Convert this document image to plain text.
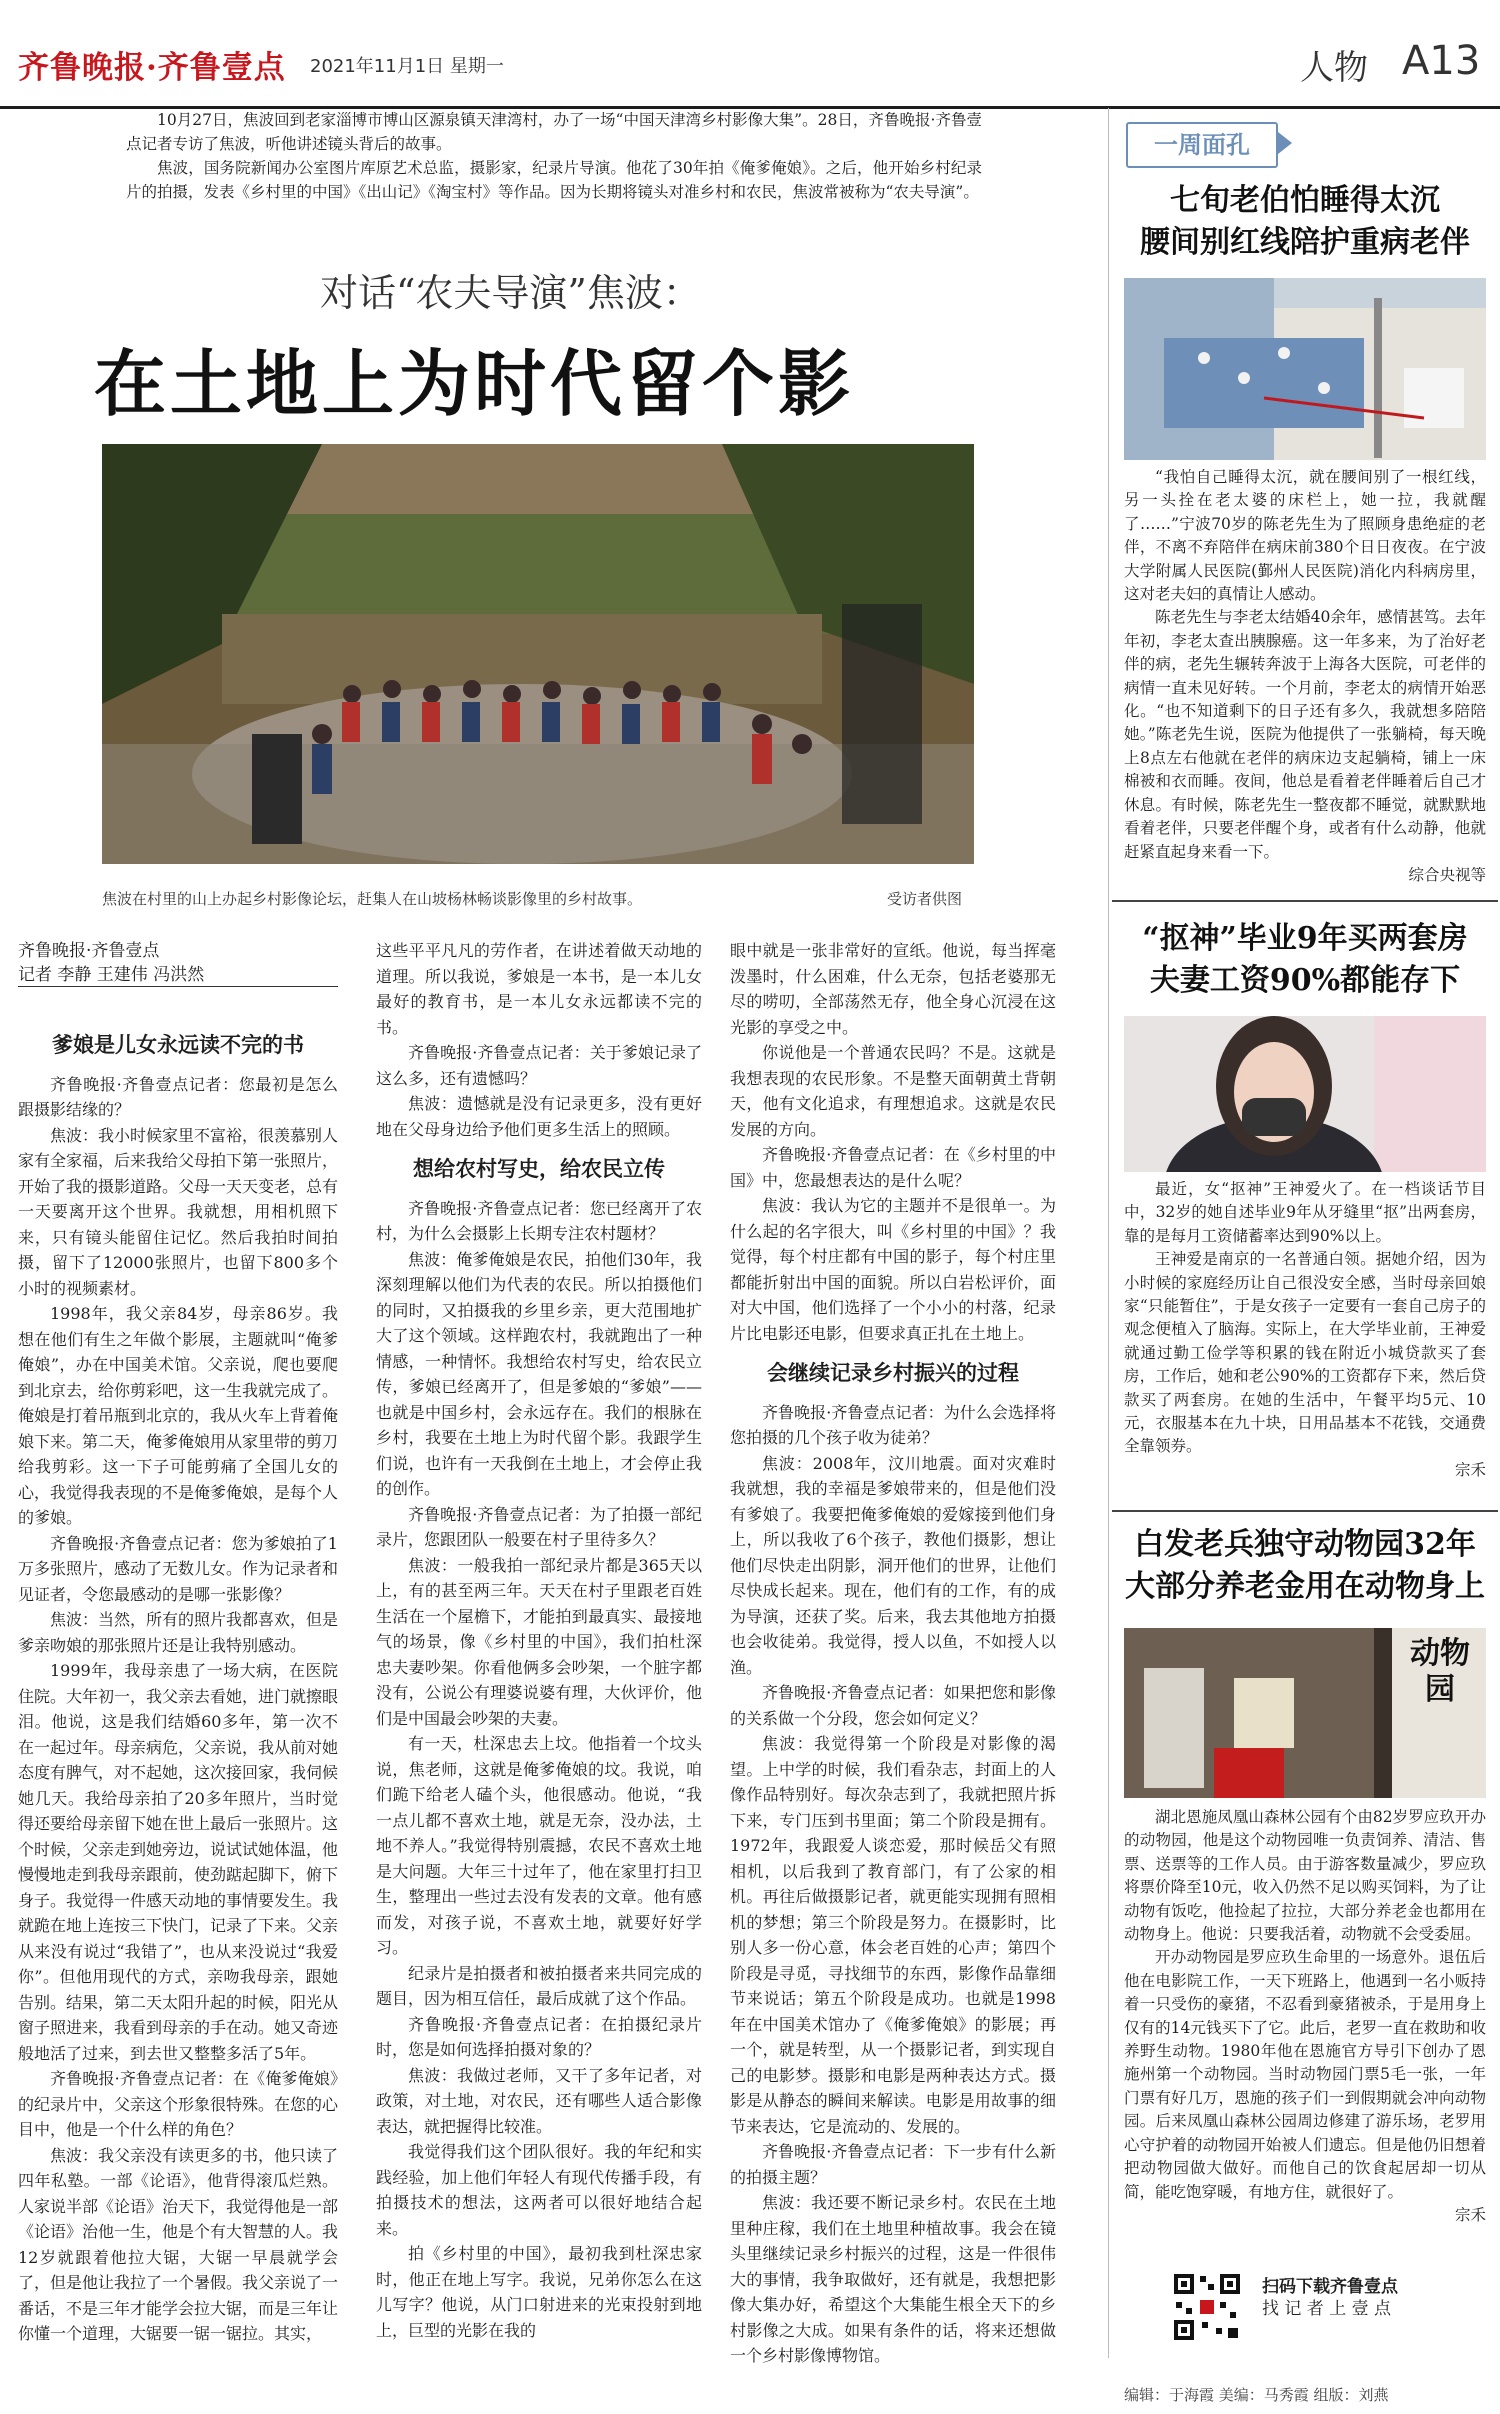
齐鲁晚报·齐鲁壹点 2021年11月1日 星期一	人物 A13

10月27日，焦波回到老家淄博市博山区源泉镇天津湾村，办了一场“中国天津湾乡村影像大集”。28日，齐鲁晚报·齐鲁壹点记者专访了焦波，听他讲述镜头背后的故事。

焦波，国务院新闻办公室图片库原艺术总监，摄影家，纪录片导演。他花了30年拍《俺爹俺娘》。之后，他开始乡村纪录片的拍摄，发表《乡村里的中国》《出山记》《淘宝村》等作品。因为长期将镜头对准乡村和农民，焦波常被称为“农夫导演”。

对话“农夫导演”焦波：
在土地上为时代留个影
焦波在村里的山上办起乡村影像论坛，赶集人在山坡杨林畅谈影像里的乡村故事。	受访者供图
齐鲁晚报·齐鲁壹点
记者 李静 王建伟 冯洪然
爹娘是儿女永远读不完的书

齐鲁晚报·齐鲁壹点记者：您最初是怎么跟摄影结缘的？

焦波：我小时候家里不富裕，很羡慕别人家有全家福，后来我给父母拍下第一张照片，开始了我的摄影道路。父母一天天变老，总有一天要离开这个世界。我就想，用相机照下来，只有镜头能留住记忆。然后我拍时间拍摄，留下了12000张照片，也留下800多个小时的视频素材。

1998年，我父亲84岁，母亲86岁。我想在他们有生之年做个影展，主题就叫“俺爹俺娘”，办在中国美术馆。父亲说，爬也要爬到北京去，给你剪彩吧，这一生我就完成了。俺娘是打着吊瓶到北京的，我从火车上背着俺娘下来。第二天，俺爹俺娘用从家里带的剪刀给我剪彩。这一下子可能剪痛了全国儿女的心，我觉得我表现的不是俺爹俺娘，是每个人的爹娘。

齐鲁晚报·齐鲁壹点记者：您为爹娘拍了1万多张照片，感动了无数儿女。作为记录者和见证者，令您最感动的是哪一张影像？

焦波：当然，所有的照片我都喜欢，但是爹亲吻娘的那张照片还是让我特别感动。

1999年，我母亲患了一场大病，在医院住院。大年初一，我父亲去看她，进门就擦眼泪。他说，这是我们结婚60多年，第一次不在一起过年。母亲病危，父亲说，我从前对她态度有脾气，对不起她，这次接回家，我伺候她几天。我给母亲拍了20多年照片，当时觉得还要给母亲留下她在世上最后一张照片。这个时候，父亲走到她旁边，说试试她体温，他慢慢地走到我母亲跟前，使劲踮起脚下，俯下身子。我觉得一件感天动地的事情要发生。我就跪在地上连按三下快门，记录了下来。父亲从来没有说过“我错了”，也从来没说过“我爱你”。但他用现代的方式，亲吻我母亲，跟她告别。结果，第二天太阳升起的时候，阳光从窗子照进来，我看到母亲的手在动。她又奇迹般地活了过来，到去世又整整多活了5年。

齐鲁晚报·齐鲁壹点记者：在《俺爹俺娘》的纪录片中，父亲这个形象很特殊。在您的心目中，他是一个什么样的角色？

焦波：我父亲没有读更多的书，他只读了四年私塾。一部《论语》，他背得滚瓜烂熟。人家说半部《论语》治天下，我觉得他是一部《论语》治他一生，他是个有大智慧的人。我12岁就跟着他拉大锯，大锯一早晨就学会了，但是他让我拉了一个暑假。我父亲说了一番话，不是三年才能学会拉大锯，而是三年让你懂一个道理，大锯要一锯一锯拉。其实，

这些平平凡凡的劳作者，在讲述着做天动地的道理。所以我说，爹娘是一本书，是一本儿女最好的教育书，是一本儿女永远都读不完的书。

齐鲁晚报·齐鲁壹点记者：关于爹娘记录了这么多，还有遗憾吗？

焦波：遗憾就是没有记录更多，没有更好地在父母身边给予他们更多生活上的照顾。

想给农村写史，给农民立传

齐鲁晚报·齐鲁壹点记者：您已经离开了农村，为什么会摄影上长期专注农村题材？

焦波：俺爹俺娘是农民，拍他们30年，我深刻理解以他们为代表的农民。所以拍摄他们的同时，又拍摄我的乡里乡亲，更大范围地扩大了这个领域。这样跑农村，我就跑出了一种情感，一种情怀。我想给农村写史，给农民立传，爹娘已经离开了，但是爹娘的“爹娘”——也就是中国乡村，会永远存在。我们的根脉在乡村，我要在土地上为时代留个影。我跟学生们说，也许有一天我倒在土地上，才会停止我的创作。

齐鲁晚报·齐鲁壹点记者：为了拍摄一部纪录片，您跟团队一般要在村子里待多久？

焦波：一般我拍一部纪录片都是365天以上，有的甚至两三年。天天在村子里跟老百姓生活在一个屋檐下，才能拍到最真实、最接地气的场景，像《乡村里的中国》，我们拍杜深忠夫妻吵架。你看他俩多会吵架，一个脏字都没有，公说公有理婆说婆有理，大伙评价，他们是中国最会吵架的夫妻。

有一天，杜深忠去上坟。他指着一个坟头说，焦老师，这就是俺爹俺娘的坟。我说，咱们跪下给老人磕个头，他很感动。他说，“我一点儿都不喜欢土地，就是无奈，没办法，土地不养人。”我觉得特别震撼，农民不喜欢土地是大问题。大年三十过年了，他在家里打扫卫生，整理出一些过去没有发表的文章。他有感而发，对孩子说，不喜欢土地，就要好好学习。

纪录片是拍摄者和被拍摄者来共同完成的题目，因为相互信任，最后成就了这个作品。

齐鲁晚报·齐鲁壹点记者：在拍摄纪录片时，您是如何选择拍摄对象的？

焦波：我做过老师，又干了多年记者，对政策，对土地，对农民，还有哪些人适合影像表达，就把握得比较准。

我觉得我们这个团队很好。我的年纪和实践经验，加上他们年轻人有现代传播手段，有拍摄技术的想法，这两者可以很好地结合起来。

拍《乡村里的中国》，最初我到杜深忠家时，他正在地上写字。我说，兄弟你怎么在这儿写字？他说，从门口射进来的光束投射到地上，巨型的光影在我的

眼中就是一张非常好的宣纸。他说，每当挥毫泼墨时，什么困难，什么无奈，包括老婆那无尽的唠叨，全部荡然无存，他全身心沉浸在这光影的享受之中。

你说他是一个普通农民吗？不是。这就是我想表现的农民形象。不是整天面朝黄土背朝天，他有文化追求，有理想追求。这就是农民发展的方向。

齐鲁晚报·齐鲁壹点记者：在《乡村里的中国》中，您最想表达的是什么呢？

焦波：我认为它的主题并不是很单一。为什么起的名字很大，叫《乡村里的中国》？我觉得，每个村庄都有中国的影子，每个村庄里都能折射出中国的面貌。所以白岩松评价，面对大中国，他们选择了一个小小的村落，纪录片比电影还电影，但要求真正扎在土地上。

会继续记录乡村振兴的过程

齐鲁晚报·齐鲁壹点记者：为什么会选择将您拍摄的几个孩子收为徒弟？

焦波：2008年，汶川地震。面对灾难时我就想，我的幸福是爹娘带来的，但是他们没有爹娘了。我要把俺爹俺娘的爱嫁接到他们身上，所以我收了6个孩子，教他们摄影，想让他们尽快走出阴影，洞开他们的世界，让他们尽快成长起来。现在，他们有的工作，有的成为导演，还获了奖。后来，我去其他地方拍摄也会收徒弟。我觉得，授人以鱼，不如授人以渔。

齐鲁晚报·齐鲁壹点记者：如果把您和影像的关系做一个分段，您会如何定义？

焦波：我觉得第一个阶段是对影像的渴望。上中学的时候，我们看杂志，封面上的人像作品特别好。每次杂志到了，我就把照片拆下来，专门压到书里面；第二个阶段是拥有。1972年，我跟爱人谈恋爱，那时候岳父有照相机，以后我到了教育部门，有了公家的相机。再往后做摄影记者，就更能实现拥有照相机的梦想；第三个阶段是努力。在摄影时，比别人多一份心意，体会老百姓的心声；第四个阶段是寻觅，寻找细节的东西，影像作品靠细节来说话；第五个阶段是成功。也就是1998年在中国美术馆办了《俺爹俺娘》的影展；再一个，就是转型，从一个摄影记者，到实现自己的电影梦。摄影和电影是两种表达方式。摄影是从静态的瞬间来解读。电影是用故事的细节来表达，它是流动的、发展的。

齐鲁晚报·齐鲁壹点记者：下一步有什么新的拍摄主题？

焦波：我还要不断记录乡村。农民在土地里种庄稼，我们在土地里种植故事。我会在镜头里继续记录乡村振兴的过程，这是一件很伟大的事情，我争取做好，还有就是，我想把影像大集办好，希望这个大集能生根全天下的乡村影像之大成。如果有条件的话，将来还想做一个乡村影像博物馆。

一周面孔
七旬老伯怕睡得太沉
腰间别红线陪护重病老伴

“我怕自己睡得太沉，就在腰间别了一根红线，另一头拴在老太婆的床栏上，她一拉，我就醒了……”宁波70岁的陈老先生为了照顾身患绝症的老伴，不离不弃陪伴在病床前380个日日夜夜。在宁波大学附属人民医院(鄞州人民医院)消化内科病房里，这对老夫妇的真情让人感动。

陈老先生与李老太结婚40余年，感情甚笃。去年年初，李老太查出胰腺癌。这一年多来，为了治好老伴的病，老先生辗转奔波于上海各大医院，可老伴的病情一直未见好转。一个月前，李老太的病情开始恶化。“也不知道剩下的日子还有多久，我就想多陪陪她。”陈老先生说，医院为他提供了一张躺椅，每天晚上8点左右他就在老伴的病床边支起躺椅，铺上一床棉被和衣而睡。夜间，他总是看着老伴睡着后自己才休息。有时候，陈老先生一整夜都不睡觉，就默默地看着老伴，只要老伴醒个身，或者有什么动静，他就赶紧直起身来看一下。

综合央视等
“抠神”毕业9年买两套房
夫妻工资90%都能存下

最近，女“抠神”王神爱火了。在一档谈话节目中，32岁的她自述毕业9年从牙缝里“抠”出两套房，靠的是每月工资储蓄率达到90%以上。

王神爱是南京的一名普通白领。据她介绍，因为小时候的家庭经历让自己很没安全感，当时母亲回娘家“只能暂住”，于是女孩子一定要有一套自己房子的观念便植入了脑海。实际上，在大学毕业前，王神爱就通过勤工俭学等积累的钱在附近小城贷款买了套房，工作后，她和老公90%的工资都存下来，然后贷款买了两套房。在她的生活中，午餐平均5元、10元，衣服基本在九十块，日用品基本不花钱，交通费全靠领券。

宗禾
白发老兵独守动物园32年
大部分养老金用在动物身上
动物园

湖北恩施凤凰山森林公园有个由82岁罗应玖开办的动物园，他是这个动物园唯一负责饲养、清洁、售票、送票等的工作人员。由于游客数量减少，罗应玖将票价降至10元，收入仍然不足以购买饲料，为了让动物有饭吃，他捡起了拉拉，大部分养老金也都用在动物身上。他说：只要我活着，动物就不会受委屈。

开办动物园是罗应玖生命里的一场意外。退伍后他在电影院工作，一天下班路上，他遇到一名小贩持着一只受伤的豪猪，不忍看到豪猪被杀，于是用身上仅有的14元钱买下了它。此后，老罗一直在救助和收养野生动物。1980年他在恩施官方导引下创办了恩施州第一个动物园。当时动物园门票5毛一张，一年门票有好几万，恩施的孩子们一到假期就会冲向动物园。后来凤凰山森林公园周边修建了游乐场，老罗用心守护着的动物园开始被人们遗忘。但是他仍旧想着把动物园做大做好。而他自己的饮食起居却一切从简，能吃饱穿暖，有地方住，就很好了。

宗禾
扫码下载齐鲁壹点
找 记 者 上 壹 点
编辑：于海霞 美编：马秀霞 组版：刘燕
